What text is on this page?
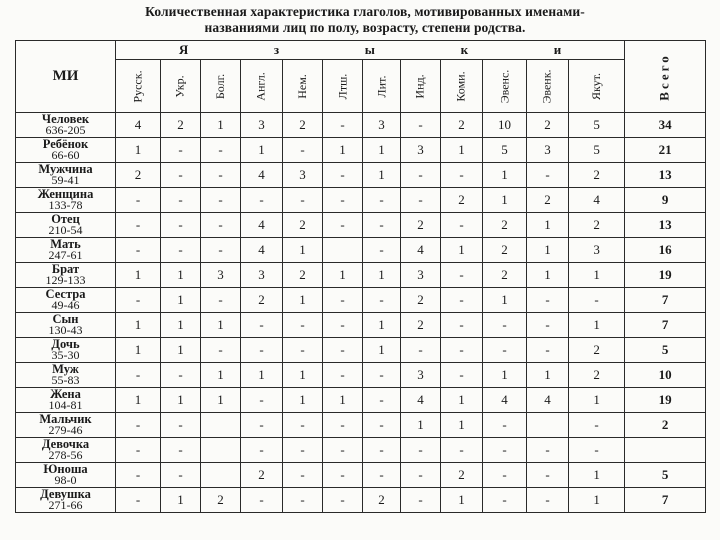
Количественная характеристика глаголов, мотивированных именами-
названиями лиц по полу, возрасту, степени родства.
МИ	Я з ы к и												Всего
	Русск.	Укр.	Болг.	Англ.	Нем.	Лтш.	Лит.	Инд.	Коми.	Эвенс.	Эвенк.	Якут.	

Человек
636-205	4	2	1	3	2	-	3	-	2	10	2	5	34

Ребёнок
66-60	1	-	-	1	-	1	1	3	1	5	3	5	21

Мужчина
59-41	2	-	-	4	3	-	1	-	-	1	-	2	13

Женщина
133-78	-	-	-	-	-	-	-	-	2	1	2	4	9

Отец
210-54	-	-	-	4	2	-	-	2	-	2	1	2	13

Мать
247-61	-	-	-	4	1		-	4	1	2	1	3	16

Брат
129-133	1	1	3	3	2	1	1	3	-	2	1	1	19

Сестра
49-46	-	1	-	2	1	-	-	2	-	1	-	-	7

Сын
130-43	1	1	1	-	-	-	1	2	-	-	-	1	7

Дочь
35-30	1	1	-	-	-	-	1	-	-	-	-	2	5

Муж
55-83	-	-	1	1	1	-	-	3	-	1	1	2	10

Жена
104-81	1	1	1	-	1	1	-	4	1	4	4	1	19

Мальчик
279-46	-	-		-	-	-	-	1	1	-		-	2

Девочка
278-56	-	-		-	-	-	-	-	-	-	-	-	

Юноша
98-0	-	-		2	-	-	-	-	2	-	-	1	5

Девушка
271-66	-	1	2	-	-	-	2	-	1	-	-	1	7
